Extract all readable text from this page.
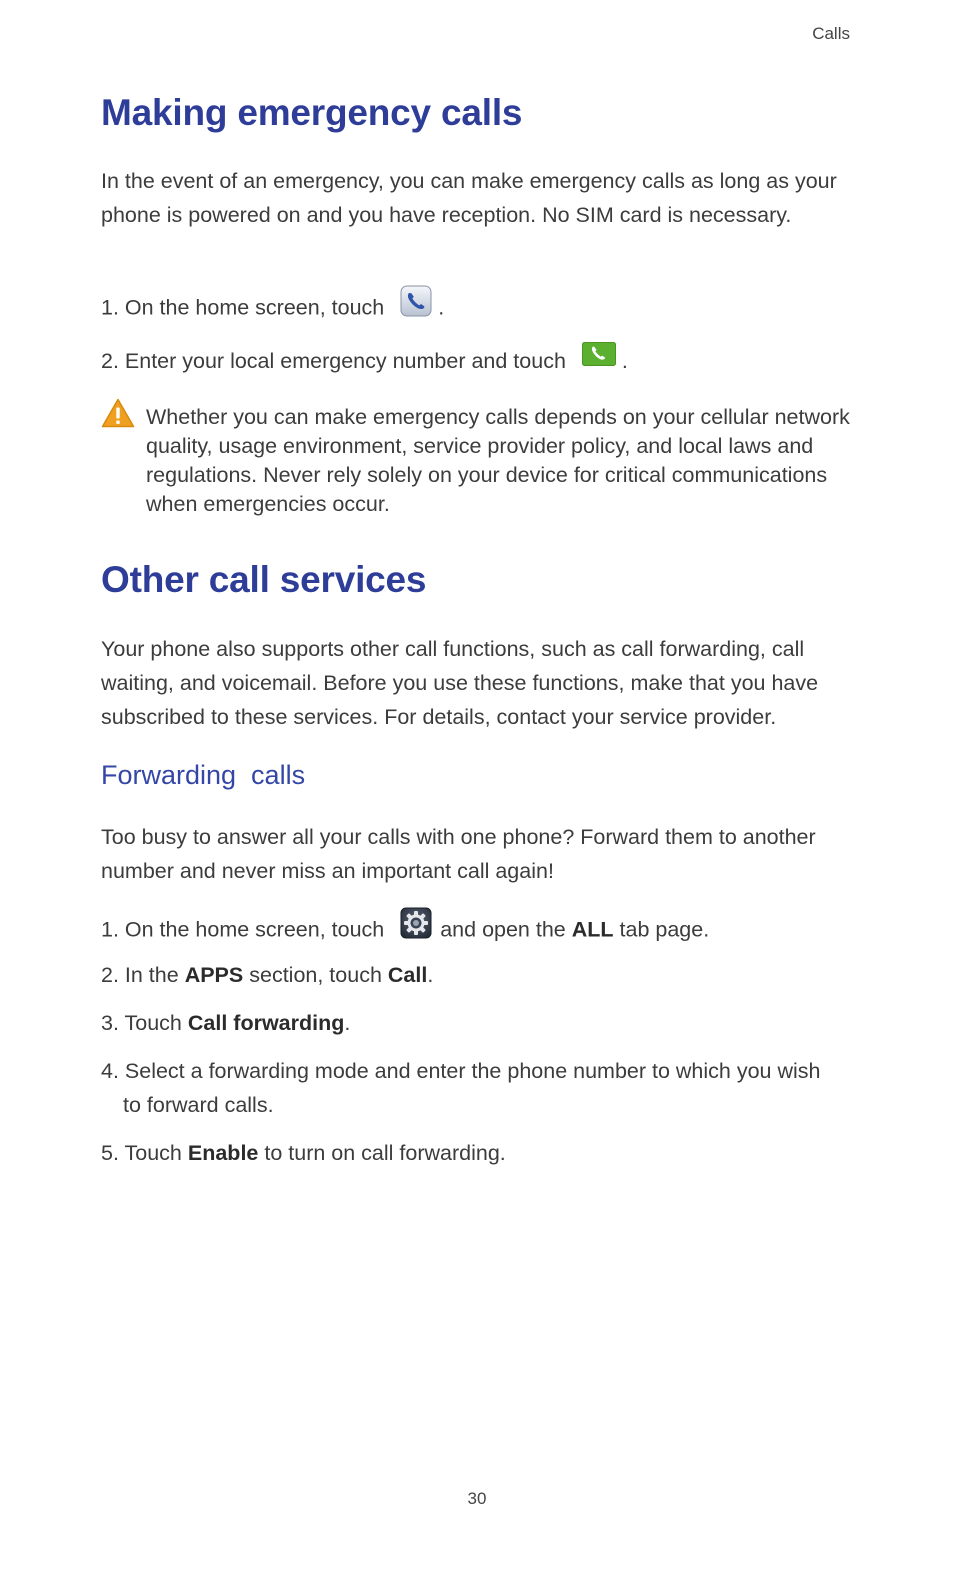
Calls
Making emergency calls

In the event of an emergency, you can make emergency calls as long as your phone is powered on and you have reception. No SIM card is necessary.

1. On the home screen, touch	.
2. Enter your local emergency number and touch	.

Whether you can make emergency calls depends on your cellular network quality, usage environment, service provider policy, and local laws and regulations. Never rely solely on your device for critical communications when emergencies occur.

Other call services

Your phone also supports other call functions, such as call forwarding, call waiting, and voicemail. Before you use these functions, make that you have subscribed to these services. For details, contact your service provider.

Forwarding  calls

Too busy to answer all your calls with one phone? Forward them to another number and never miss an important call again!

1. On the home screen, touch	and open the ALL tab page.
2. In the APPS section, touch Call.
3. Touch Call forwarding.
4. Select a forwarding mode and enter the phone number to which you wish
to forward calls.
5. Touch Enable to turn on call forwarding.
30
